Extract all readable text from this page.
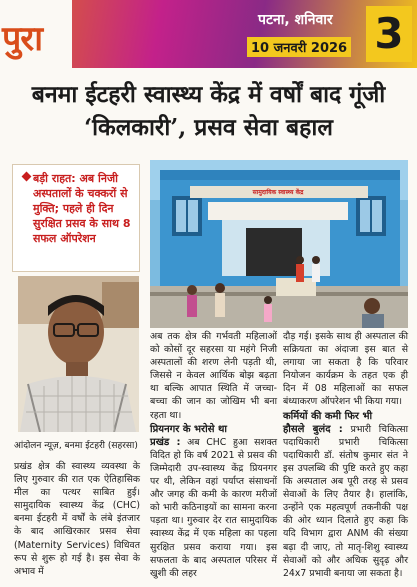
पुरा	पटना, शनिवार
10 जनवरी 2026 3
बनमा ईटहरी स्वास्थ्य केंद्र में वर्षों बाद गूंजी ‘किलकारी’, प्रसव सेवा बहाल
बड़ी राहत: अब निजी अस्पतालों के चक्करों से मुक्ति; पहले ही दिन सुरक्षित प्रसव के साथ 8 सफल ऑपरेशन
सामुदायिक स्वास्थ्य केंद्र
आंदोलन न्यूज़, बनमा ईटहरी (सहरसा)
प्रखंड क्षेत्र की स्वास्थ्य व्यवस्था के लिए गुरुवार की रात एक ऐतिहासिक मील का पत्थर साबित हुई। सामुदायिक स्वास्थ्य केंद्र (CHC) बनमा ईटहरी में वर्षों के लंबे इंतजार के बाद आखिरकार प्रसव सेवा (Maternity Services) विधिवत रूप से शुरू हो गई है। इस सेवा के अभाव में
अब तक क्षेत्र की गर्भवती महिलाओं को कोसों दूर सहरसा या महंगे निजी अस्पतालों की शरण लेनी पड़ती थी, जिससे न केवल आर्थिक बोझ बढ़ता था बल्कि आपात स्थिति में जच्चा-बच्चा की जान का जोखिम भी बना रहता था।
प्रियनगर के भरोसे था
प्रखंड : अब CHC हुआ सशक्त विदित हो कि वर्ष 2021 से प्रसव की जिम्मेदारी उप-स्वास्थ्य केंद्र प्रियनगर पर थी, लेकिन वहां पर्याप्त संसाधनों और जगह की कमी के कारण मरीजों को भारी कठिनाइयों का सामना करना पड़ता था। गुरुवार देर रात सामुदायिक स्वास्थ्य केंद्र में एक महिला का पहला सुरक्षित प्रसव कराया गया। इस सफलता के बाद अस्पताल परिसर में खुशी की लहर
दौड़ गई। इसके साथ ही अस्पताल की सक्रियता का अंदाजा इस बात से लगाया जा सकता है कि परिवार नियोजन कार्यक्रम के तहत एक ही दिन में 08 महिलाओं का सफल बंध्याकरण ऑपरेशन भी किया गया।
कर्मियों की कमी फिर भी
हौसले बुलंद : प्रभारी चिकित्सा पदाधिकारी प्रभारी चिकित्सा पदाधिकारी डॉ. संतोष कुमार संत ने इस उपलब्धि की पुष्टि करते हुए कहा कि अस्पताल अब पूरी तरह से प्रसव सेवाओं के लिए तैयार है। हालांकि, उन्होंने एक महत्वपूर्ण तकनीकी पक्ष की ओर ध्यान दिलाते हुए कहा कि यदि विभाग द्वारा ANM की संख्या बढ़ा दी जाए, तो मातृ-शिशु स्वास्थ्य सेवाओं को और अधिक सुदृढ़ और 24x7 प्रभावी बनाया जा सकता है।
